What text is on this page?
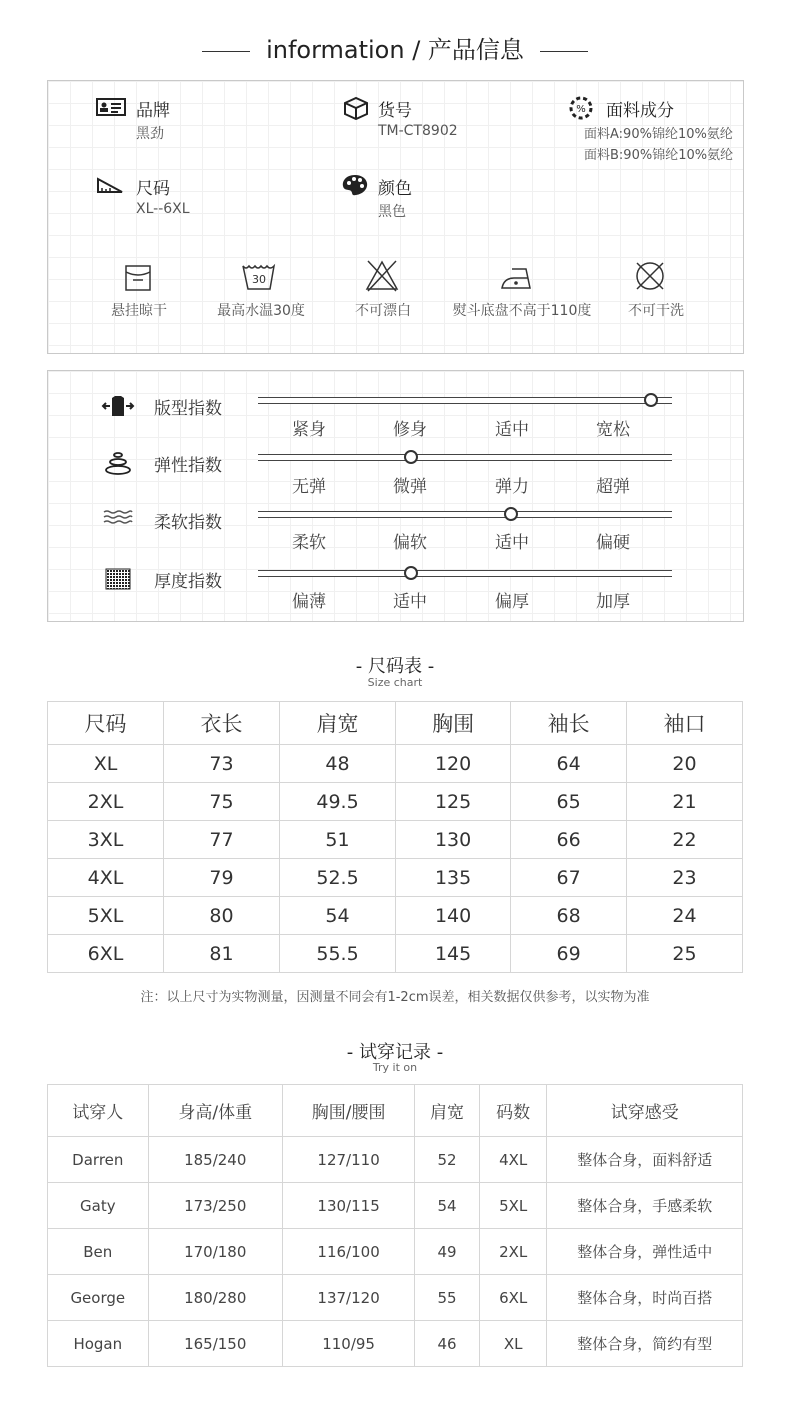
information / 产品信息
品牌
黑劲
货号
TM-CT8902
% 面料成分
面料A:90%锦纶10%氨纶
面料B:90%锦纶10%氨纶
尺码
XL--6XL
颜色
黑色
30
悬挂晾干	最高水温30度	不可漂白	熨斗底盘不高于110度	不可干洗
版型指数
弹性指数
柔软指数
厚度指数
紧身	修身	适中	宽松
无弹	微弹	弹力	超弹
柔软	偏软	适中	偏硬
偏薄	适中	偏厚	加厚
- 尺码表 -
Size chart
尺码	衣长	肩宽	胸围	袖长	袖口
XL	73	48	120	64	20
2XL	75	49.5	125	65	21
3XL	77	51	130	66	22
4XL	79	52.5	135	67	23
5XL	80	54	140	68	24
6XL	81	55.5	145	69	25
注：以上尺寸为实物测量，因测量不同会有1-2cm误差，相关数据仅供参考，以实物为准
- 试穿记录 -
Try it on
试穿人	身高/体重	胸围/腰围	肩宽	码数	试穿感受
Darren	185/240	127/110	52	4XL	整体合身，面料舒适
Gaty	173/250	130/115	54	5XL	整体合身，手感柔软
Ben	170/180	116/100	49	2XL	整体合身，弹性适中
George	180/280	137/120	55	6XL	整体合身，时尚百搭
Hogan	165/150	110/95	46	XL	整体合身，简约有型
